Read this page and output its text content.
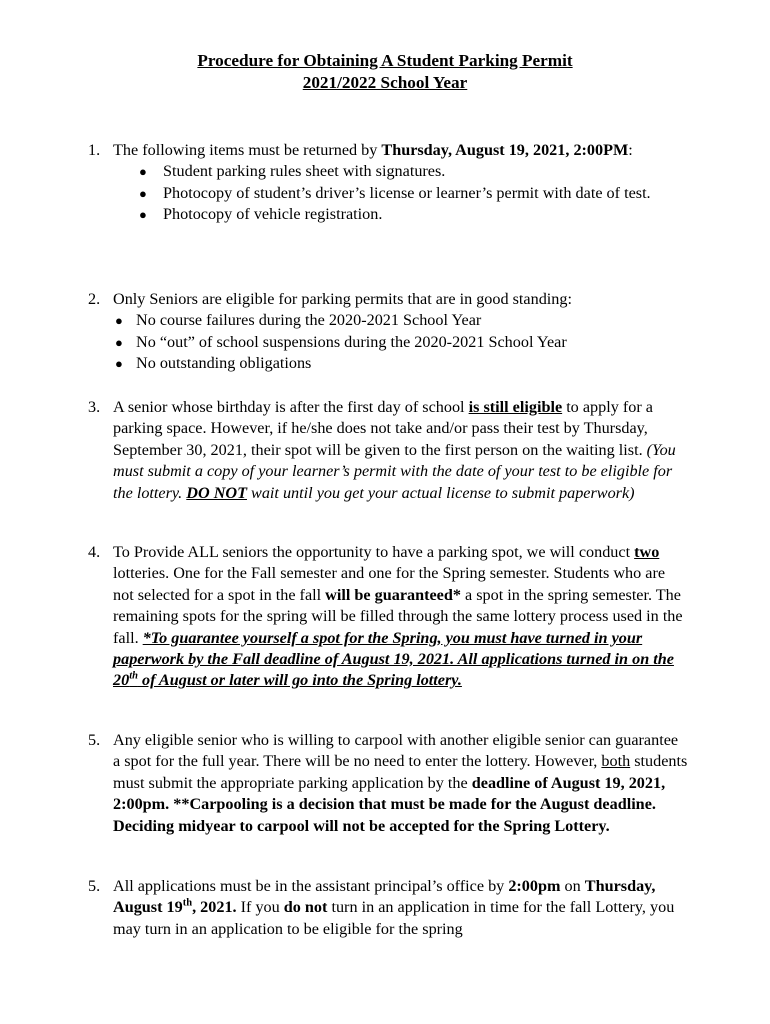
Procedure for Obtaining A Student Parking Permit
2021/2022 School Year
1. The following items must be returned by Thursday, August 19, 2021, 2:00PM:

● Student parking rules sheet with signatures.
● Photocopy of student’s driver’s license or learner’s permit with date of test.
● Photocopy of vehicle registration.
2. Only Seniors are eligible for parking permits that are in good standing:

● No course failures during the 2020-2021 School Year
● No “out” of school suspensions during the 2020-2021 School Year
● No outstanding obligations
3. A senior whose birthday is after the first day of school is still eligible to apply for a parking space. However, if he/she does not take and/or pass their test by Thursday, September 30, 2021, their spot will be given to the first person on the waiting list. (You must submit a copy of your learner’s permit with the date of your test to be eligible for the lottery. DO NOT wait until you get your actual license to submit paperwork)

4. To Provide ALL seniors the opportunity to have a parking spot, we will conduct two lotteries. One for the Fall semester and one for the Spring semester. Students who are not selected for a spot in the fall will be guaranteed* a spot in the spring semester. The remaining spots for the spring will be filled through the same lottery process used in the fall. *To guarantee yourself a spot for the Spring, you must have turned in your paperwork by the Fall deadline of August 19, 2021. All applications turned in on the 20th of August or later will go into the Spring lottery.

5. Any eligible senior who is willing to carpool with another eligible senior can guarantee a spot for the full year. There will be no need to enter the lottery. However, both students must submit the appropriate parking application by the deadline of August 19, 2021, 2:00pm. **Carpooling is a decision that must be made for the August deadline. Deciding midyear to carpool will not be accepted for the Spring Lottery.

5. All applications must be in the assistant principal’s office by 2:00pm on Thursday, August 19th, 2021. If you do not turn in an application in time for the fall Lottery, you may turn in an application to be eligible for the spring
